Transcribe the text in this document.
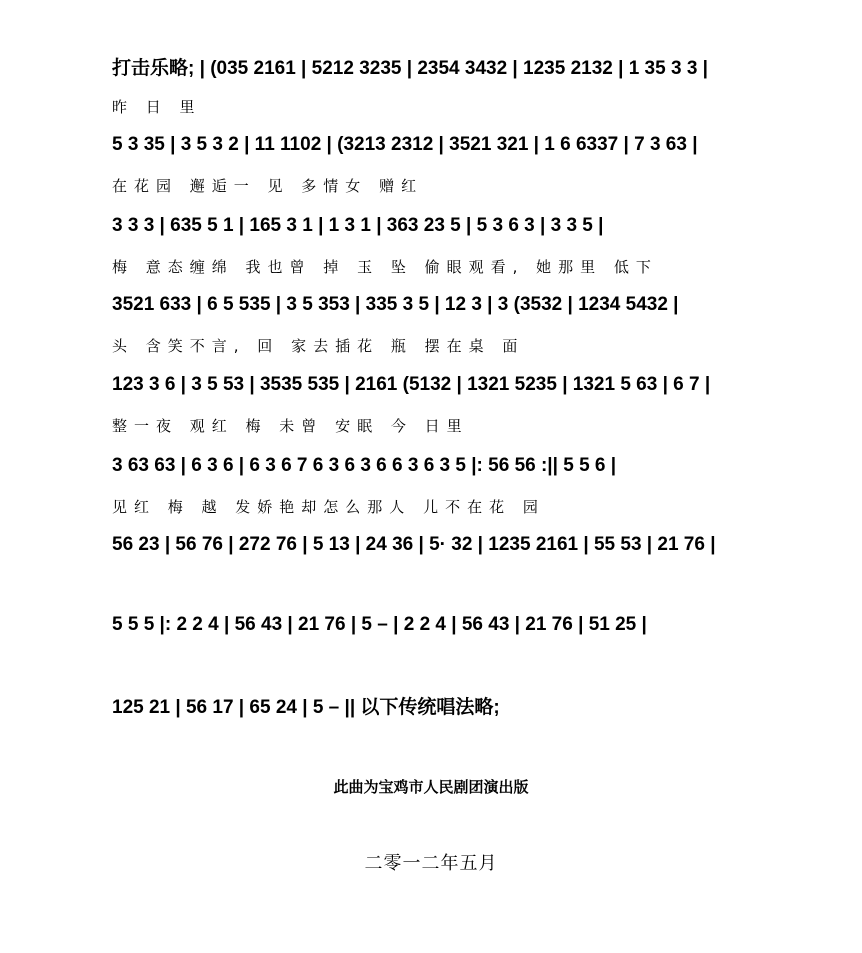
打击乐略; | (035 2161 | 5212 3235 | 2354 3432 | 1235 2132 | 1 35 3 3 |
昨 日 里
5 3 35 | 3 5 3 2 | 11 1102 | (3213 2312 | 3521 321 | 1 6 6337 | 7 3 63 |
在花园 邂逅一 见 多情女 赠红
3 3 3 | 635 5 1 | 165 3 1 | 1 3 1 | 363 23 5 | 5 3 6 3 | 3 3 5 |
梅 意态缠绵 我也曾 掉 玉 坠 偷眼观看, 她那里 低下
3521 633 | 6 5 535 | 3 5 353 | 335 3 5 | 12 3 | 3 (3532 | 1234 5432 |
头 含笑不言, 回 家去插花 瓶 摆在桌 面
123 3 6 | 3 5 53 | 3535 535 | 2161 (5132 | 1321 5235 | 1321 5 63 | 6 7 |
整一夜 观红 梅 未曾 安眠 今 日里
3 63 63 | 6 3 6 | 6 3 6 7 6 3 6 3 6 6 3 6 3 5 |: 56 56 :|| 5 5 6 |
见红 梅 越 发娇艳却怎么那人 儿不在花 园
56 23 | 56 76 | 272 76 | 5 13 | 24 36 | 5· 32 | 1235 2161 | 55 53 | 21 76 |
5 5 5 |: 2 2 4 | 56 43 | 21 76 | 5 – | 2 2 4 | 56 43 | 21 76 | 51 25 |
125 21 | 56 17 | 65 24 | 5 – || 以下传统唱法略;
此曲为宝鸡市人民剧团演出版
二零一二年五月
